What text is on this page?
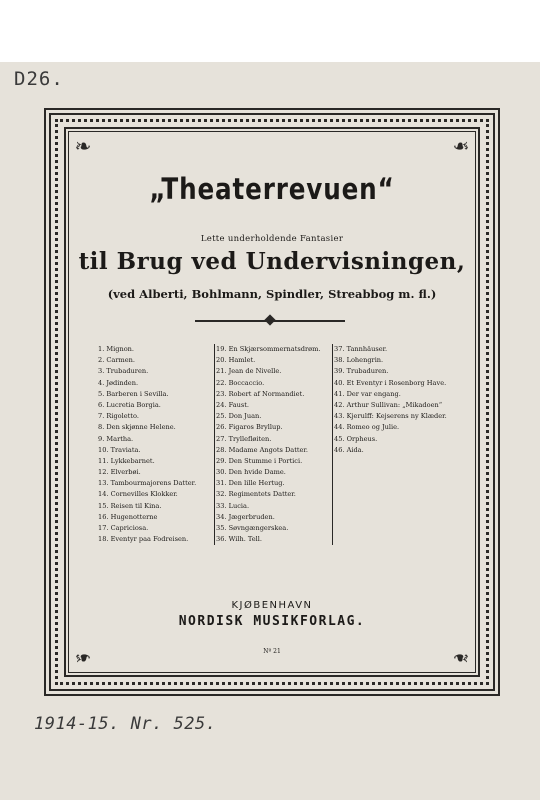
D26.
❧	❧
❧	❧
„Theaterrevuen“
Lette underholdende Fantasier
til Brug ved Undervisningen,
(ved Alberti, Bohlmann, Spindler, Streabbog m. fl.)
1. Mignon.
2. Carmen.
3. Trubaduren.
4. Jødinden.
5. Barberen i Sevilla.
6. Lucretia Borgia.
7. Rigoletto.
8. Den skjønne Helene.
9. Martha.
10. Traviata.
11. Lykkebarnet.
12. Elverbøi.
13. Tambourmajorens Datter.
14. Cornevilles Klokker.
15. Reisen til Kina.
16. Hugenotterne
17. Capriciosa.
18. Eventyr paa Fodreisen.
19. En Skjærsommernatsdrøm.
20. Hamlet.
21. Jean de Nivelle.
22. Boccaccio.
23. Robert af Normandiet.
24. Faust.
25. Don Juan.
26. Figaros Bryllup.
27. Tryllefløiten.
28. Madame Angots Datter.
29. Den Stumme i Portici.
30. Den hvide Dame.
31. Den lille Hertug.
32. Regimentets Datter.
33. Lucia.
34. Jægerbruden.
35. Søvngængerskea.
36. Wilh. Tell.
37. Tannhäuser.
38. Lohengrin.
39. Trubaduren.
40. Et Eventyr i Rosenborg Have.
41. Der var engang.
42. Arthur Sullivan: „Mikadoen“
43. Kjerulff: Kejserens ny Klæder.
44. Romeo og Julie.
45. Orpheus.
46. Aida.
KJØBENHAVN
NORDISK MUSIKFORLAG.
Nº 21
1914-15. Nr. 525.
